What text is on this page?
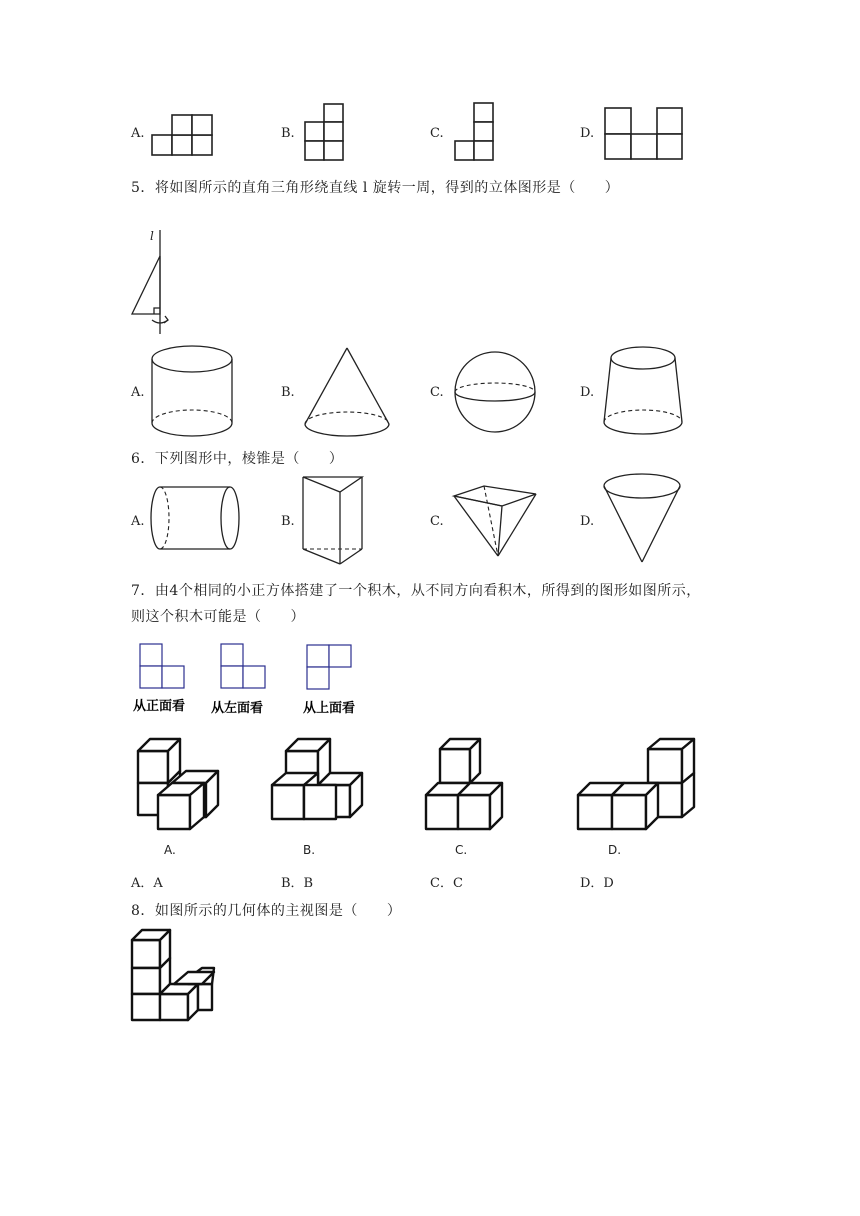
A.	B.	C.	D.
5．将如图所示的直角三角形绕直线 l 旋转一周，得到的立体图形是（　　）
l
A.	B.	C.	D.
6．下列图形中，棱锥是（　　）
A.	B.	C.	D.
7．由4个相同的小正方体搭建了一个积木，从不同方向看积木，所得到的图形如图所示，
则这个积木可能是（　　）
从正面看 从左面看	从上面看
A.	B.	C.	D.
A．A	B．B	C．C	D．D
8．如图所示的几何体的主视图是（　　）
